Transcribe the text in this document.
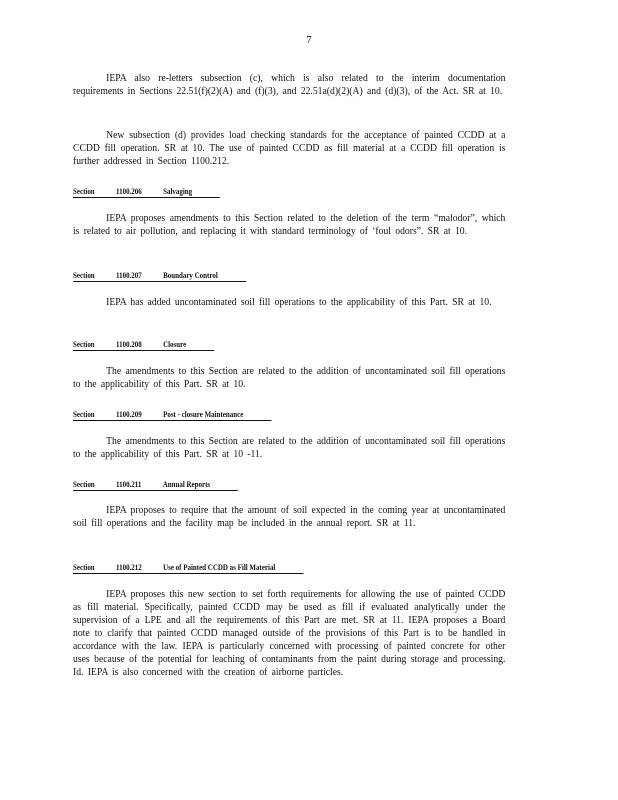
7

IEPA also re-letters subsection (c), which is also related to the interim documentation requirements in Sections 22.51(f)(2)(A) and (f)(3), and 22.51a(d)(2)(A) and (d)(3), of the Act. SR at 10.

New subsection (d) provides load checking standards for the acceptance of painted CCDD at a CCDD fill operation. SR at 10. The use of painted CCDD as fill material at a CCDD fill operation is further addressed in Section 1100.212.

Section	1100.206	Salvaging

IEPA proposes amendments to this Section related to the deletion of the term “malodor”, which is related to air pollution, and replacing it with standard terminology of ‘foul odors”. SR at 10.

Section	1100.207	Boundary Control

IEPA has added uncontaminated soil fill operations to the applicability of this Part. SR at 10.

Section	1100.208	Closure

The amendments to this Section are related to the addition of uncontaminated soil fill operations to the applicability of this Part. SR at 10.

Section	1100.209	Post - closure Maintenance

The amendments to this Section are related to the addition of uncontaminated soil fill operations to the applicability of this Part. SR at 10 -11.

Section	1100.211	Annual Reports

IEPA proposes to require that the amount of soil expected in the coming year at uncontaminated soil fill operations and the facility map be included in the annual report. SR at 11.

Section	1100.212	Use of Painted CCDD as Fill Material

IEPA proposes this new section to set forth requirements for allowing the use of painted CCDD as fill material. Specifically, painted CCDD may be used as fill if evaluated analytically under the supervision of a LPE and all the requirements of this Part are met. SR at 11. IEPA proposes a Board note to clarify that painted CCDD managed outside of the provisions of this Part is to be handled in accordance with the law. IEPA is particularly concerned with processing of painted concrete for other uses because of the potential for leaching of contaminants from the paint during storage and processing. Id. IEPA is also concerned with the creation of airborne particles.
